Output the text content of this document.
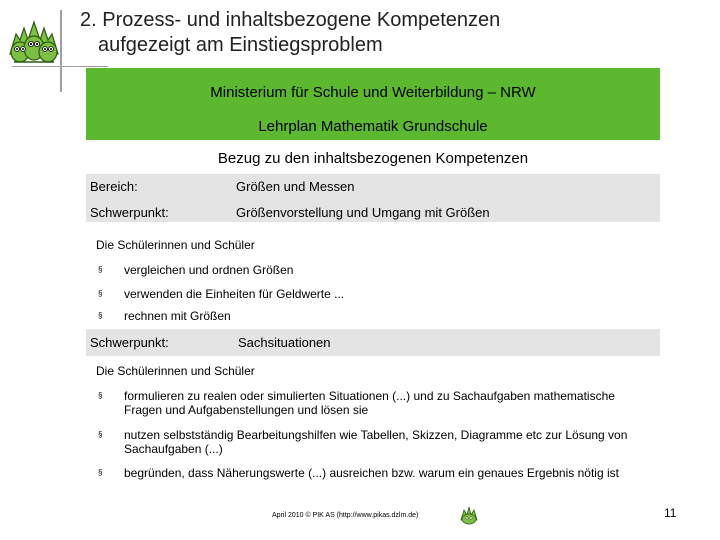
2. Prozess- und inhaltsbezogene Kompetenzen
aufgezeigt am Einstiegsproblem
Ministerium für Schule und Weiterbildung – NRW
Lehrplan Mathematik Grundschule
Bezug zu den inhaltsbezogenen Kompetenzen
Bereich:	Größen und Messen
Schwerpunkt:	Größenvorstellung und Umgang mit Größen
Die Schülerinnen und Schüler
§ vergleichen und ordnen Größen
§ verwenden die Einheiten für Geldwerte ...
§ rechnen mit Größen
Schwerpunkt:	Sachsituationen
Die Schülerinnen und Schüler
§ formulieren zu realen oder simulierten Situationen (...) und zu Sachaufgaben mathematische Fragen und Aufgabenstellungen und lösen sie
§ nutzen selbstständig Bearbeitungshilfen wie Tabellen, Skizzen, Diagramme etc zur Lösung von Sachaufgaben (...)
§ begründen, dass Näherungswerte (...) ausreichen bzw. warum ein genaues Ergebnis nötig ist
April 2010 © PIK AS (http://www.pikas.dzlm.de)	11
